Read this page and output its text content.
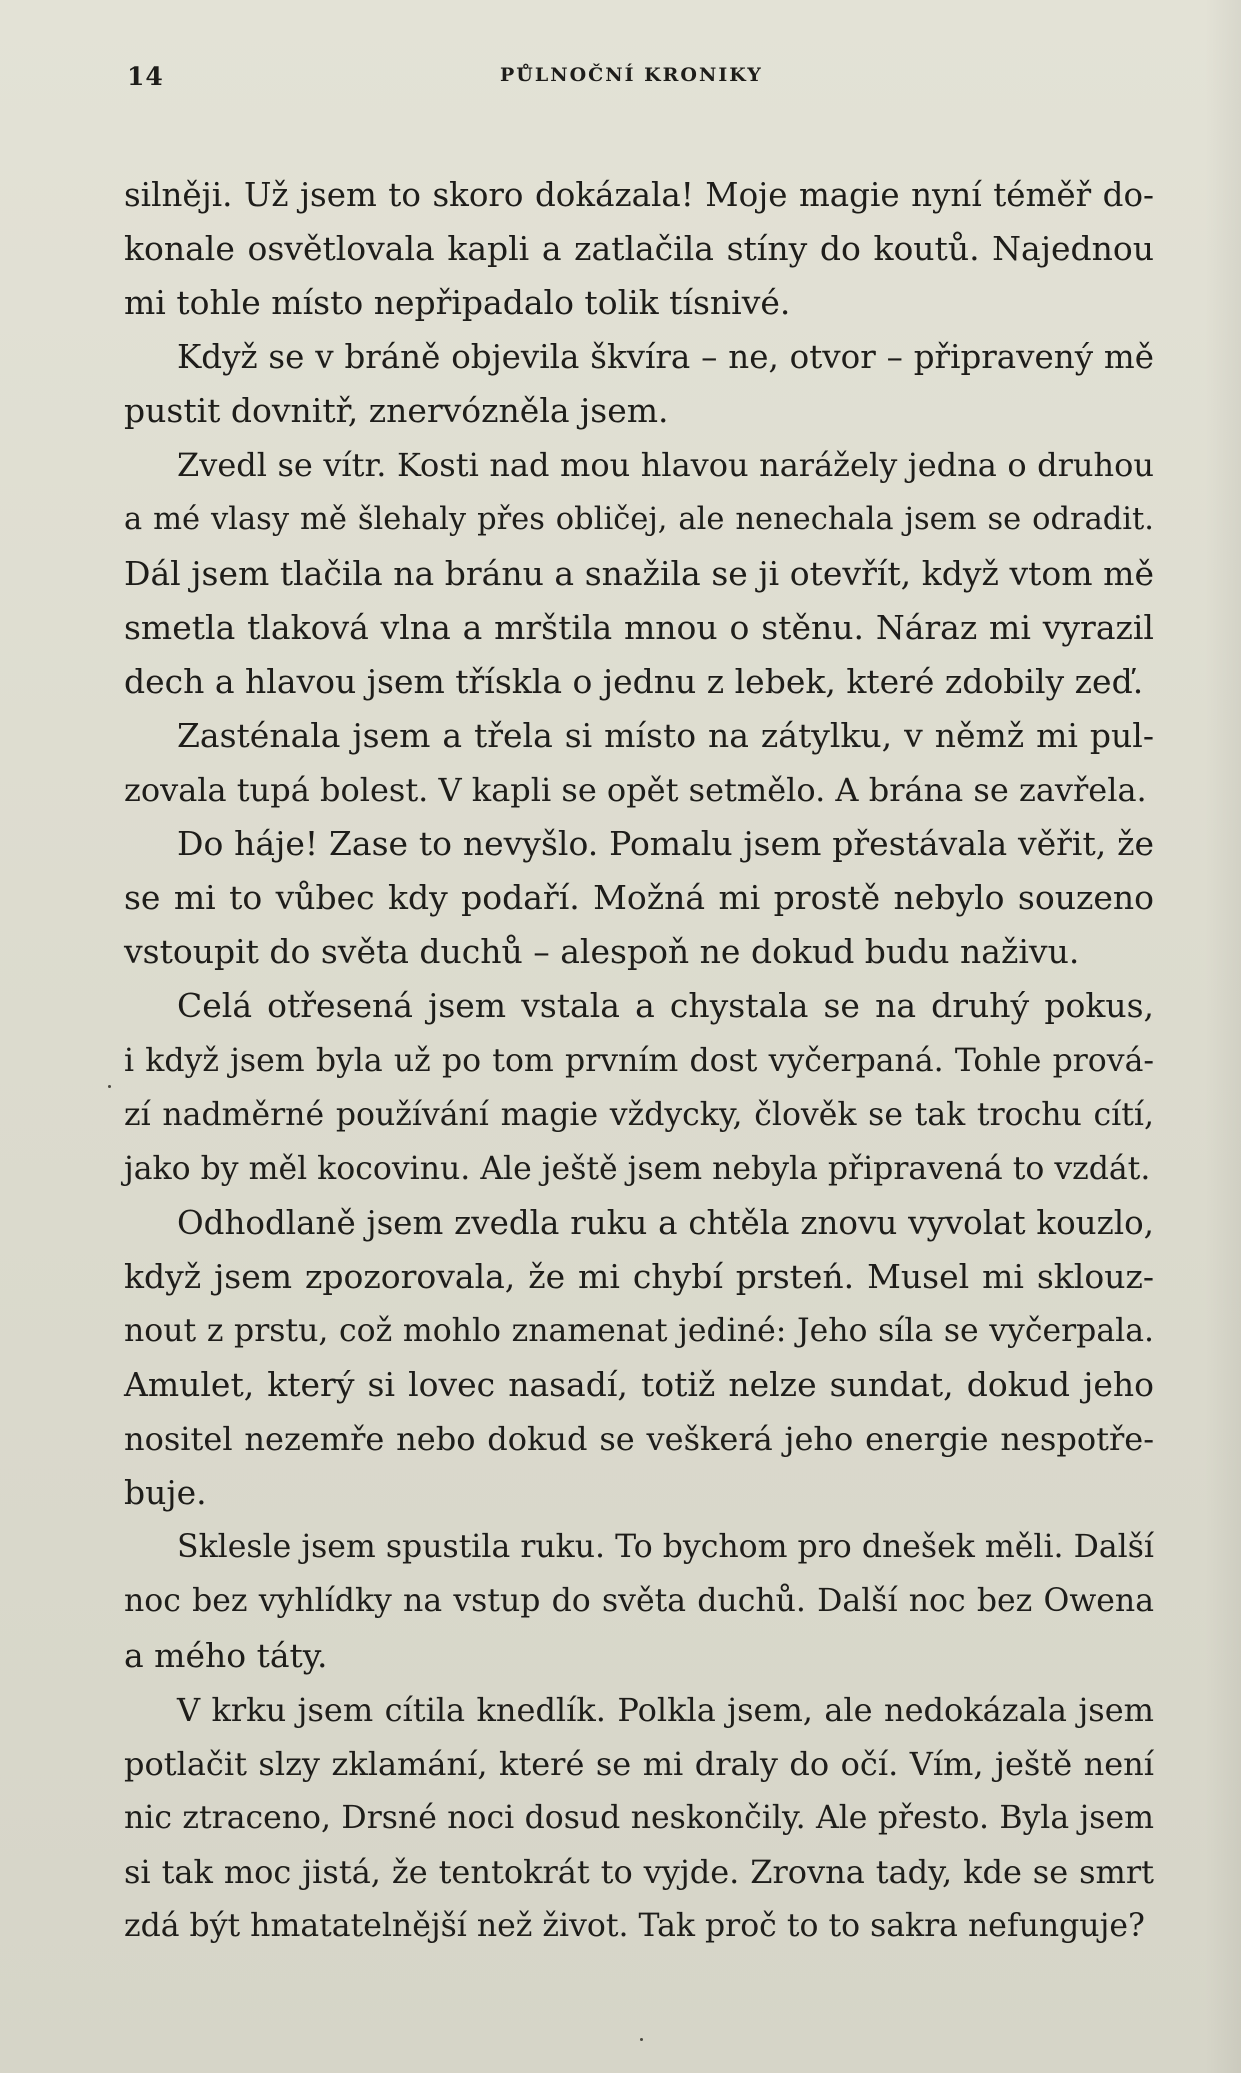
14	PŮLNOČNÍ KRONIKY
silněji. Už jsem to skoro dokázala! Moje magie nyní téměř do-
konale osvětlovala kapli a zatlačila stíny do koutů. Najednou
mi tohle místo nepřipadalo tolik tísnivé.
Když se v bráně objevila škvíra – ne, otvor – připravený mě
pustit dovnitř, znervózněla jsem.
Zvedl se vítr. Kosti nad mou hlavou narážely jedna o druhou
a mé vlasy mě šlehaly přes obličej, ale nenechala jsem se odradit.
Dál jsem tlačila na bránu a snažila se ji otevřít, když vtom mě
smetla tlaková vlna a mrštila mnou o stěnu. Náraz mi vyrazil
dech a hlavou jsem třískla o jednu z lebek, které zdobily zeď.
Zasténala jsem a třela si místo na zátylku, v němž mi pul-
zovala tupá bolest. V kapli se opět setmělo. A brána se zavřela.
Do háje! Zase to nevyšlo. Pomalu jsem přestávala věřit, že
se mi to vůbec kdy podaří. Možná mi prostě nebylo souzeno
vstoupit do světa duchů – alespoň ne dokud budu naživu.
Celá otřesená jsem vstala a chystala se na druhý pokus,
i když jsem byla už po tom prvním dost vyčerpaná. Tohle prová-
zí nadměrné používání magie vždycky, člověk se tak trochu cítí,
jako by měl kocovinu. Ale ještě jsem nebyla připravená to vzdát.
Odhodlaně jsem zvedla ruku a chtěla znovu vyvolat kouzlo,
když jsem zpozorovala, že mi chybí prsteń. Musel mi sklouz-
nout z prstu, což mohlo znamenat jediné: Jeho síla se vyčerpala.
Amulet, který si lovec nasadí, totiž nelze sundat, dokud jeho
nositel nezemře nebo dokud se veškerá jeho energie nespotře-
buje.
Sklesle jsem spustila ruku. To bychom pro dnešek měli. Další
noc bez vyhlídky na vstup do světa duchů. Další noc bez Owena
a mého táty.
V krku jsem cítila knedlík. Polkla jsem, ale nedokázala jsem
potlačit slzy zklamání, které se mi draly do očí. Vím, ještě není
nic ztraceno, Drsné noci dosud neskončily. Ale přesto. Byla jsem
si tak moc jistá, že tentokrát to vyjde. Zrovna tady, kde se smrt
zdá být hmatatelnější než život. Tak proč to to sakra nefunguje?
